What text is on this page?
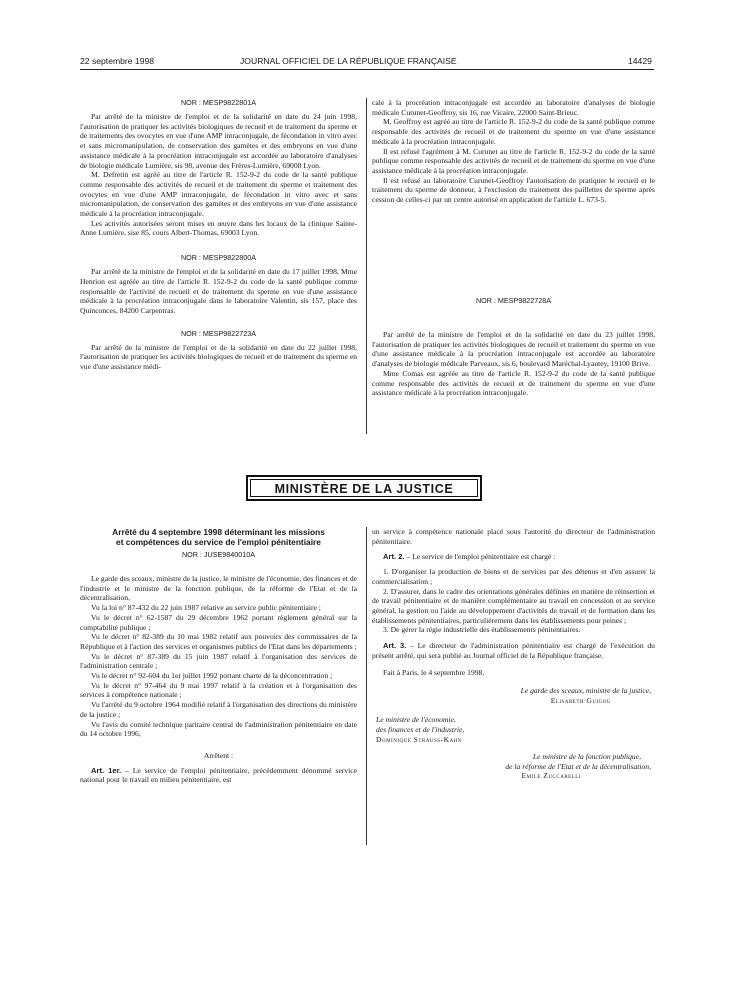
22 septembre 1998	JOURNAL OFFICIEL DE LA RÉPUBLIQUE FRANÇAISE	14429
NOR : MESP9822801A

Par arrêté de la ministre de l'emploi et de la solidarité en date du 24 juin 1998, l'autorisation de pratiquer les activités biologiques de recueil et de traitement du sperme et de traitements des ovocytes en vue d'une AMP intraconjugale, de fécondation in vitro avec et sans micromanipulation, de conservation des gamètes et des embryons en vue d'une assistance médicale à la procréation intraconjugale est accordée au laboratoire d'analyses de biologie médicale Lumière, sis 98, avenue des Frères-Lumière, 69008 Lyon.

M. Defretin est agréé au titre de l'article R. 152-9-2 du code de la santé publique comme responsable des activités de recueil et de traitement du sperme et traitement des ovocytes en vue d'une AMP intraconjugale, de fécondation in vitro avec et sans micromanipulation, de conservation des gamètes et des embryons en vue d'une assistance médicale à la procréation intraconjugale.

Les activités autorisées seront mises en œuvre dans les locaux de la clinique Sainte-Anne Lumière, sise 85, cours Albert-Thomas, 69003 Lyon.

NOR : MESP9822800A

Par arrêté de la ministre de l'emploi et de la solidarité en date du 17 juillet 1998, Mme Henrion est agréée au titre de l'article R. 152-9-2 du code de la santé publique comme responsable de l'activité de recueil et de traitement du sperme en vue d'une assistance médicale à la procréation intraconjugale dans le laboratoire Valentin, sis 157, place des Quinconces, 84200 Carpentras.

NOR : MESP9822723A

Par arrêté de la ministre de l'emploi et de la solidarité en date du 22 juillet 1998, l'autorisation de pratiquer les activités biologiques de recueil et de traitement du sperme en vue d'une assistance médi-

cale à la procréation intraconjugale est accordée au laboratoire d'analyses de biologie médicale Curunet-Geoffroy, sis 16, rue Vicaire, 22000 Saint-Brieuc.

M. Geoffroy est agréé au titre de l'article R. 152-9-2 du code de la santé publique comme responsable des activités de recueil et de traitement du sperme en vue d'une assistance médicale à la procréation intraconjugale.

Il est refusé l'agrément à M. Curunet au titre de l'article R. 152-9-2 du code de la santé publique comme responsable des activités de recueil et de traitement du sperme en vue d'une assistance médicale à la procréation intraconjugale.

Il est refusé au laboratoire Curunet-Geoffroy l'autorisation de pratiquer le recueil et le traitement du sperme de donneur, à l'exclusion du traitement des paillettes de sperme après cession de celles-ci par un centre autorisé en application de l'article L. 673-5.

NOR : MESP9822728A

Par arrêté de la ministre de l'emploi et de la solidarité en date du 23 juillet 1998, l'autorisation de pratiquer les activités biologiques de recueil et traitement du sperme en vue d'une assistance médicale à la procréation intraconjugale est accordée au laboratoire d'analyses de biologie médicale Parveaux, sis 6, boulevard Maréchal-Lyautey, 19100 Brive.

Mme Comas est agréée au titre de l'article R. 152-9-2 du code de la santé publique comme responsable des activités de recueil et de traitement du sperme en vue d'une assistance médicale à la procréation intraconjugale.

MINISTÈRE DE LA JUSTICE
Arrêté du 4 septembre 1998 déterminant les missions
et compétences du service de l'emploi pénitentiaire
NOR : JUSE9840010A

Le garde des sceaux, ministre de la justice, le ministre de l'économie, des finances et de l'industrie et le ministre de la fonction publique, de la réforme de l'Etat et de la décentralisation,

Vu la loi n° 87-432 du 22 juin 1987 relative au service public pénitentiaire ;

Vu le décret n° 62-1587 du 29 décembre 1962 portant règlement général sur la comptabilité publique ;

Vu le décret n° 82-389 du 10 mai 1982 relatif aux pouvoirs des commissaires de la République et à l'action des services et organismes publics de l'Etat dans les départements ;

Vu le décret n° 87-389 du 15 juin 1987 relatif à l'organisation des services de l'administration centrale ;

Vu le décret n° 92-604 du 1er juillet 1992 portant charte de la déconcentration ;

Vu le décret n° 97-464 du 9 mai 1997 relatif à la création et à l'organisation des services à compétence nationale ;

Vu l'arrêté du 9 octobre 1964 modifié relatif à l'organisation des directions du ministère de la justice ;

Vu l'avis du comité technique paritaire central de l'administration pénitentiaire en date du 14 octobre 1996,

Arrêtent :

Art. 1er. – Le service de l'emploi pénitentiaire, précédemment dénommé service national pour le travail en milieu pénitentiaire, est

un service à compétence nationale placé sous l'autorité du directeur de l'administration pénitentiaire.

Art. 2. – Le service de l'emploi pénitentiaire est chargé :

1. D'organiser la production de biens et de services par des détenus et d'en assurer la commercialisation ;

2. D'assurer, dans le cadre des orientations générales définies en matière de réinsertion et de travail pénitentiaire et de manière complémentaire au travail en concession et au service général, la gestion ou l'aide au développement d'activités de travail et de formation dans les établissements pénitentiaires, particulièrement dans les établissements pour peines ;

3. De gérer la régie industrielle des établissements pénitentiaires.

Art. 3. – Le directeur de l'administration pénitentiaire est chargé de l'exécution du présent arrêté, qui sera publié au Journal officiel de la République française.

Fait à Paris, le 4 septembre 1998.

Le garde des sceaux, ministre de la justice,
Elisabeth Guigou
Le ministre de l'économie,
des finances et de l'industrie,
Dominique Strauss-Kahn
Le ministre de la fonction publique,
de la réforme de l'Etat et de la décentralisation,
Emile Zuccarelli
